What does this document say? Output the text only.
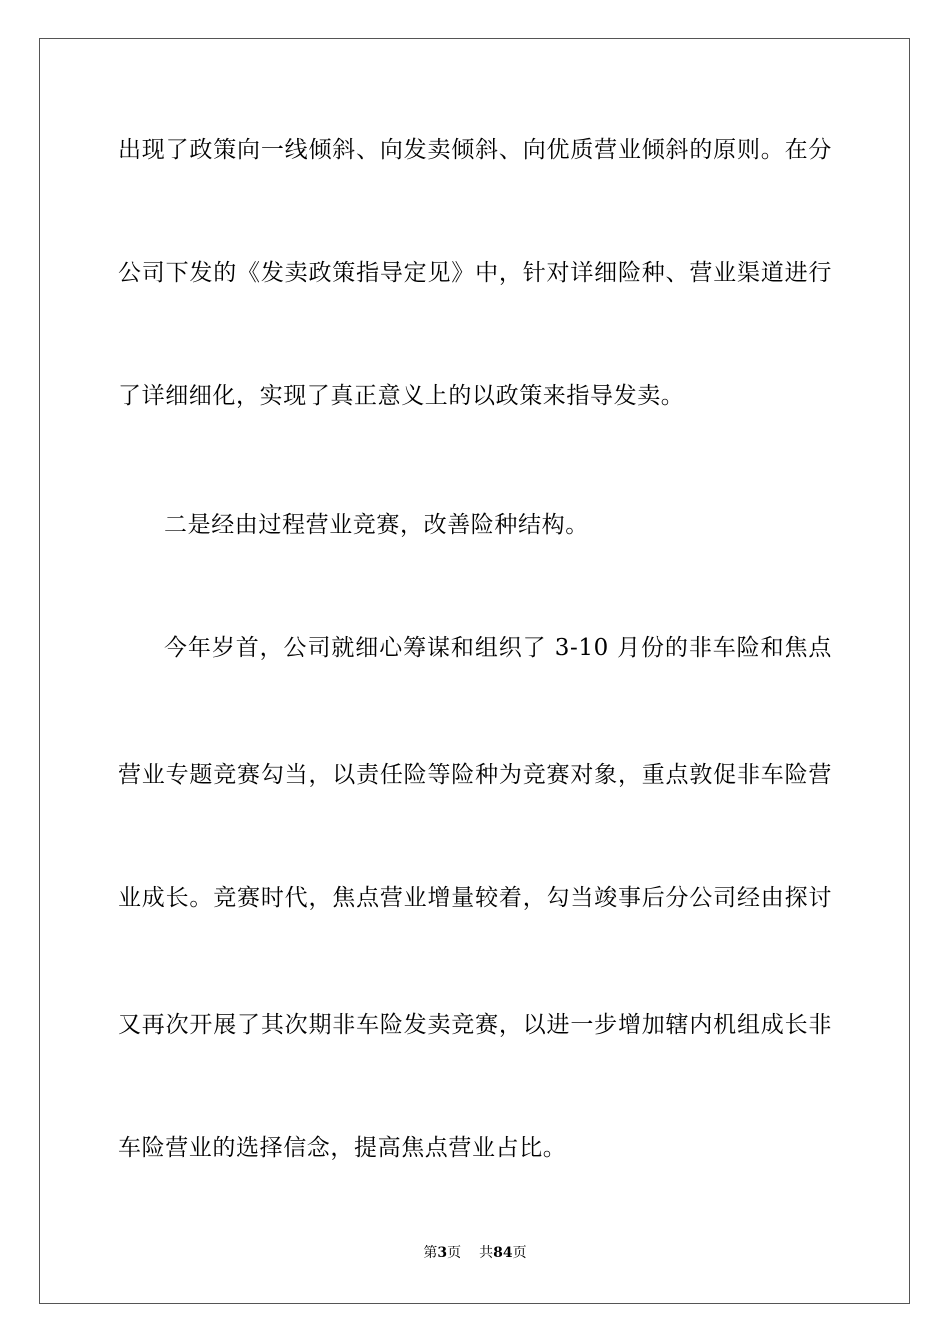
出现了政策向一线倾斜、向发卖倾斜、向优质营业倾斜的原则。在分
公司下发的《发卖政策指导定见》中，针对详细险种、营业渠道进行
了详细细化，实现了真正意义上的以政策来指导发卖。
二是经由过程营业竞赛，改善险种结构。
今年岁首，公司就细心筹谋和组织了 3-10 月份的非车险和焦点
营业专题竞赛勾当，以责任险等险种为竞赛对象，重点敦促非车险营
业成长。竞赛时代，焦点营业增量较着，勾当竣事后分公司经由探讨
又再次开展了其次期非车险发卖竞赛，以进一步增加辖内机组成长非
车险营业的选择信念，提高焦点营业占比。
第3页 共84页
